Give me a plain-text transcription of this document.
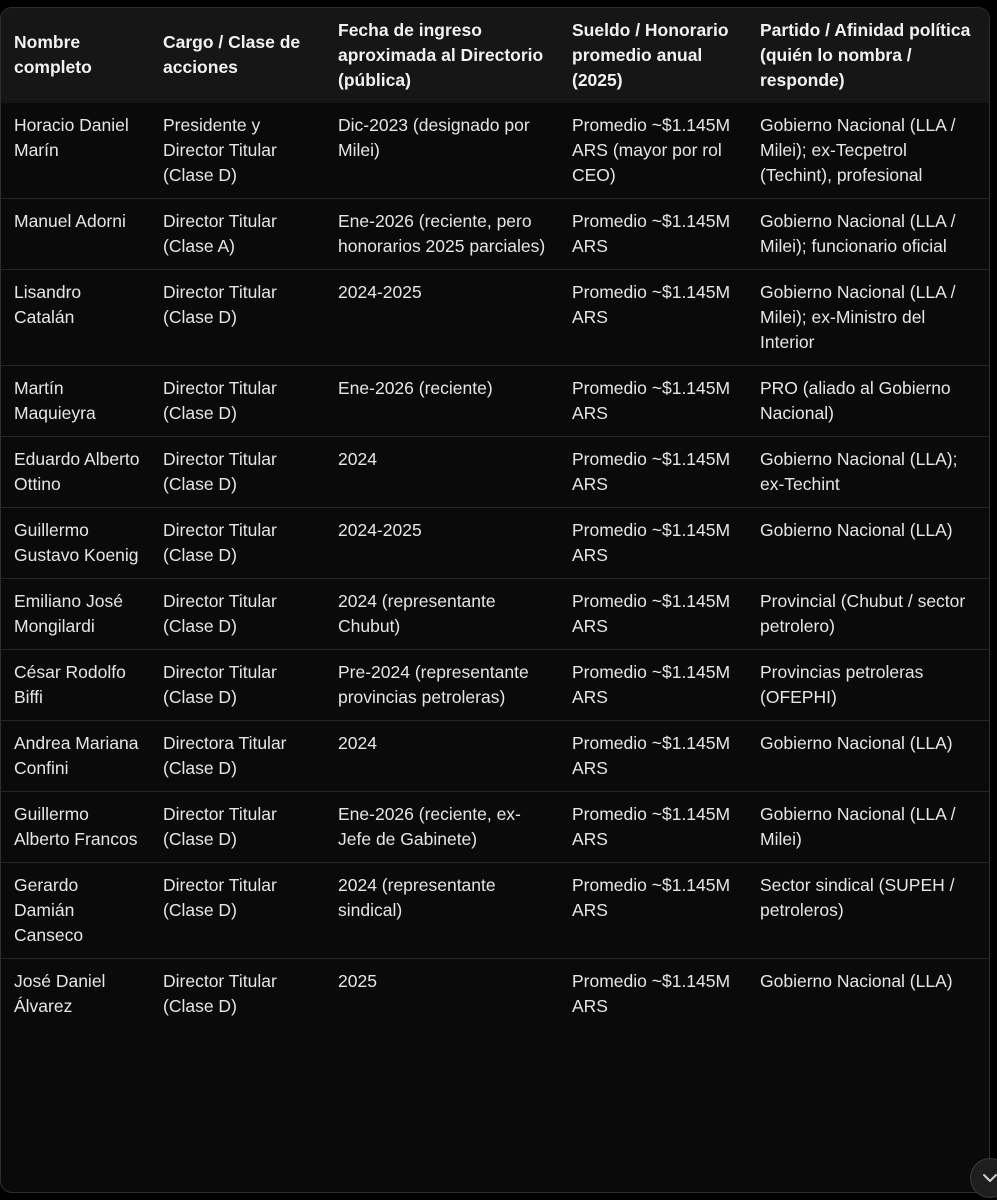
Nombre completo	Cargo / Clase de acciones	Fecha de ingreso aproximada al Directorio (pública)	Sueldo / Honorario promedio anual (2025)	Partido / Afinidad política (quién lo nombra / responde)
Horacio Daniel Marín	Presidente y Director Titular (Clase D)	Dic-2023 (designado por Milei)	Promedio ~$1.145M ARS (mayor por rol CEO)	Gobierno Nacional (LLA / Milei); ex-Tecpetrol (Techint), profesional
Manuel Adorni	Director Titular (Clase A)	Ene-2026 (reciente, pero honorarios 2025 parciales)	Promedio ~$1.145M ARS	Gobierno Nacional (LLA / Milei); funcionario oficial
Lisandro Catalán	Director Titular (Clase D)	2024-2025	Promedio ~$1.145M ARS	Gobierno Nacional (LLA / Milei); ex-Ministro del Interior
Martín Maquieyra	Director Titular (Clase D)	Ene-2026 (reciente)	Promedio ~$1.145M ARS	PRO (aliado al Gobierno Nacional)
Eduardo Alberto Ottino	Director Titular (Clase D)	2024	Promedio ~$1.145M ARS	Gobierno Nacional (LLA); ex-Techint
Guillermo Gustavo Koenig	Director Titular (Clase D)	2024-2025	Promedio ~$1.145M ARS	Gobierno Nacional (LLA)
Emiliano José Mongilardi	Director Titular (Clase D)	2024 (representante Chubut)	Promedio ~$1.145M ARS	Provincial (Chubut / sector petrolero)
César Rodolfo Biffi	Director Titular (Clase D)	Pre-2024 (representante provincias petroleras)	Promedio ~$1.145M ARS	Provincias petroleras (OFEPHI)
Andrea Mariana Confini	Directora Titular (Clase D)	2024	Promedio ~$1.145M ARS	Gobierno Nacional (LLA)
Guillermo Alberto Francos	Director Titular (Clase D)	Ene-2026 (reciente, ex-Jefe de Gabinete)	Promedio ~$1.145M ARS	Gobierno Nacional (LLA / Milei)
Gerardo Damián Canseco	Director Titular (Clase D)	2024 (representante sindical)	Promedio ~$1.145M ARS	Sector sindical (SUPEH / petroleros)
José Daniel Álvarez	Director Titular (Clase D)	2025	Promedio ~$1.145M ARS	Gobierno Nacional (LLA)
